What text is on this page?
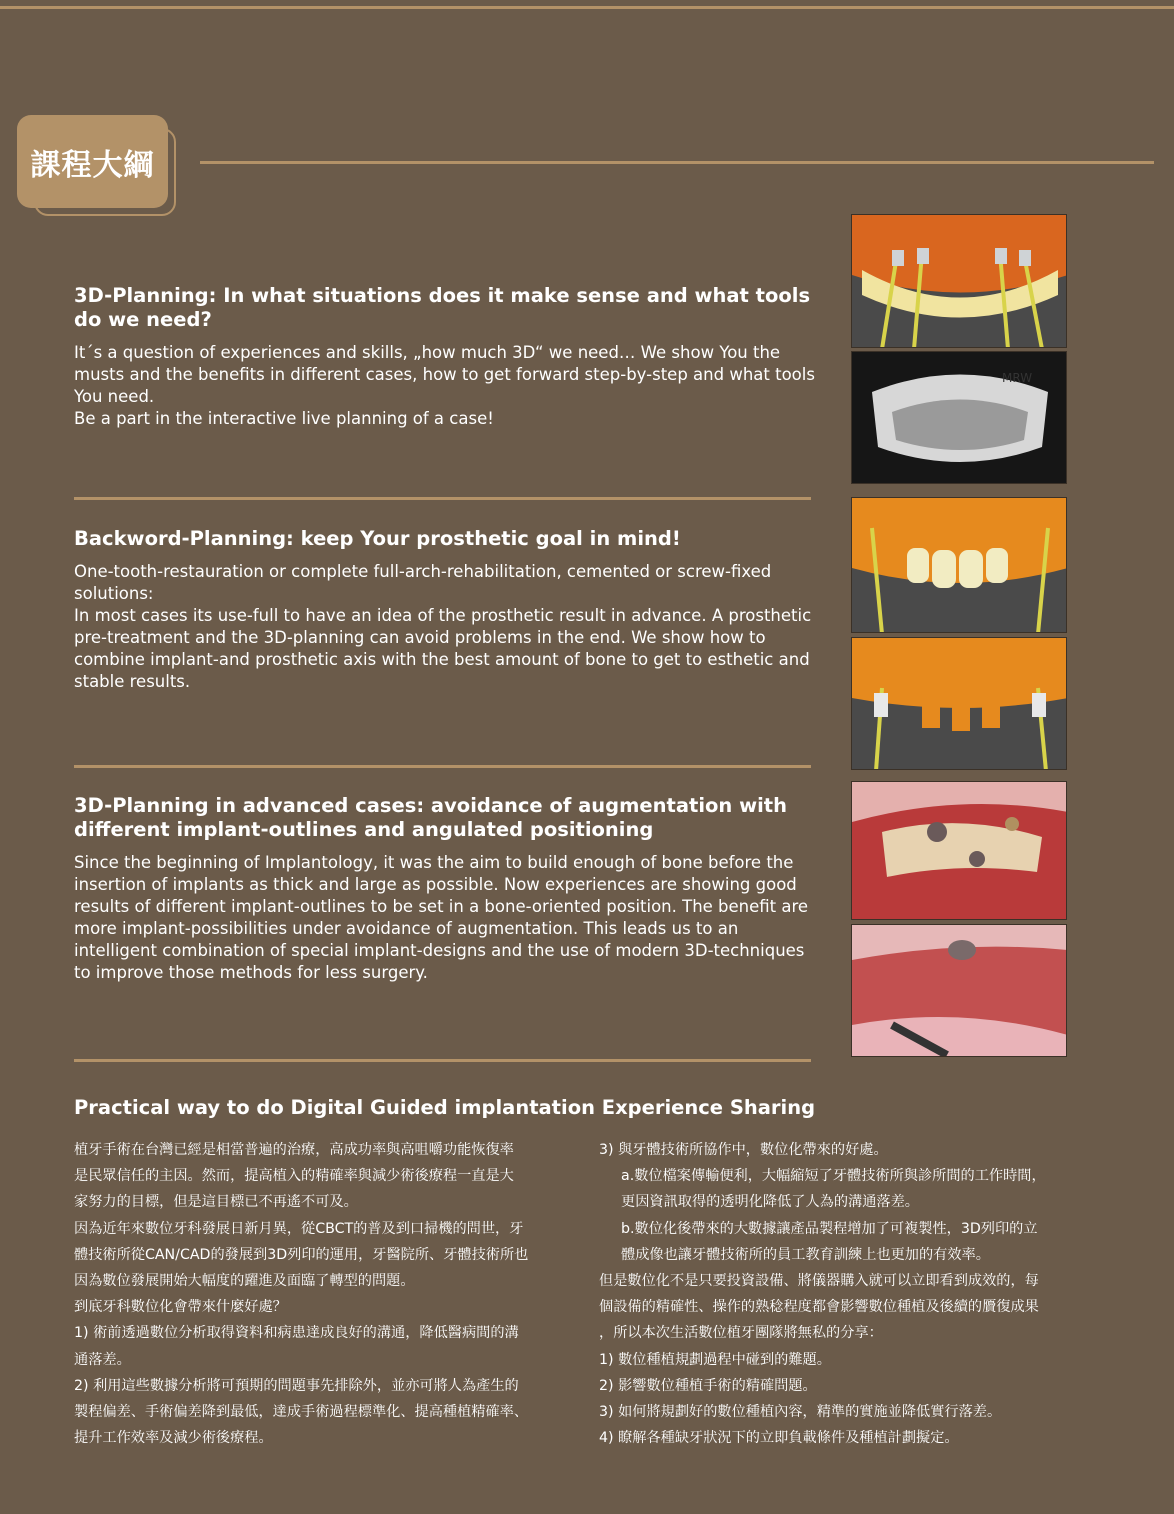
課程大綱
3D-Planning: In what situations does it make sense and what tools do we need?

It´s a question of experiences and skills, „how much 3D“ we need… We show You the musts and the benefits in different cases, how to get forward step-by-step and what tools You need.

Be a part in the interactive live planning of a case!

Backword-Planning: keep Your prosthetic goal in mind!

One-tooth-restauration or complete full-arch-rehabilitation, cemented or screw-fixed solutions:

In most cases its use-full to have an idea of the prosthetic result in advance. A prosthetic pre-treatment and the 3D-planning can avoid problems in the end. We show how to combine implant-and prosthetic axis with the best amount of bone to get to esthetic and stable results.

3D-Planning in advanced cases: avoidance of augmentation with different implant-outlines and angulated positioning

Since the beginning of Implantology, it was the aim to build enough of bone before the insertion of implants as thick and large as possible. Now experiences are showing good results of different implant-outlines to be set in a bone-oriented position. The benefit are more implant-possibilities under avoidance of augmentation. This leads us to an intelligent combination of special implant-designs and the use of modern 3D-techniques to improve those methods for less surgery.

Practical way to do Digital Guided implantation Experience Sharing
植牙手術在台灣已經是相當普遍的治療，高成功率與高咀嚼功能恢復率
是民眾信任的主因。然而，提高植入的精確率與減少術後療程一直是大
家努力的目標，但是這目標已不再遙不可及。
因為近年來數位牙科發展日新月異，從CBCT的普及到口掃機的問世，牙
體技術所從CAN/CAD的發展到3D列印的運用，牙醫院所、牙體技術所也
因為數位發展開始大幅度的躍進及面臨了轉型的問題。
到底牙科數位化會帶來什麼好處？
1) 術前透過數位分析取得資料和病患達成良好的溝通，降低醫病間的溝
通落差。
2) 利用這些數據分析將可預期的問題事先排除外，並亦可將人為產生的
製程偏差、手術偏差降到最低，達成手術過程標準化、提高種植精確率、
提升工作效率及減少術後療程。
3) 與牙體技術所協作中，數位化帶來的好處。
a.數位檔案傳輸便利，大幅縮短了牙體技術所與診所間的工作時間，
更因資訊取得的透明化降低了人為的溝通落差。
b.數位化後帶來的大數據讓產品製程增加了可複製性，3D列印的立
體成像也讓牙體技術所的員工教育訓練上也更加的有效率。
但是數位化不是只要投資設備、將儀器購入就可以立即看到成效的，每
個設備的精確性、操作的熟稔程度都會影響數位種植及後續的贗復成果
，所以本次生活數位植牙團隊將無私的分享：
1) 數位種植規劃過程中碰到的難題。
2) 影響數位種植手術的精確問題。
3) 如何將規劃好的數位種植內容，精準的實施並降低實行落差。
4) 瞭解各種缺牙狀況下的立即負載條件及種植計劃擬定。
MRW
